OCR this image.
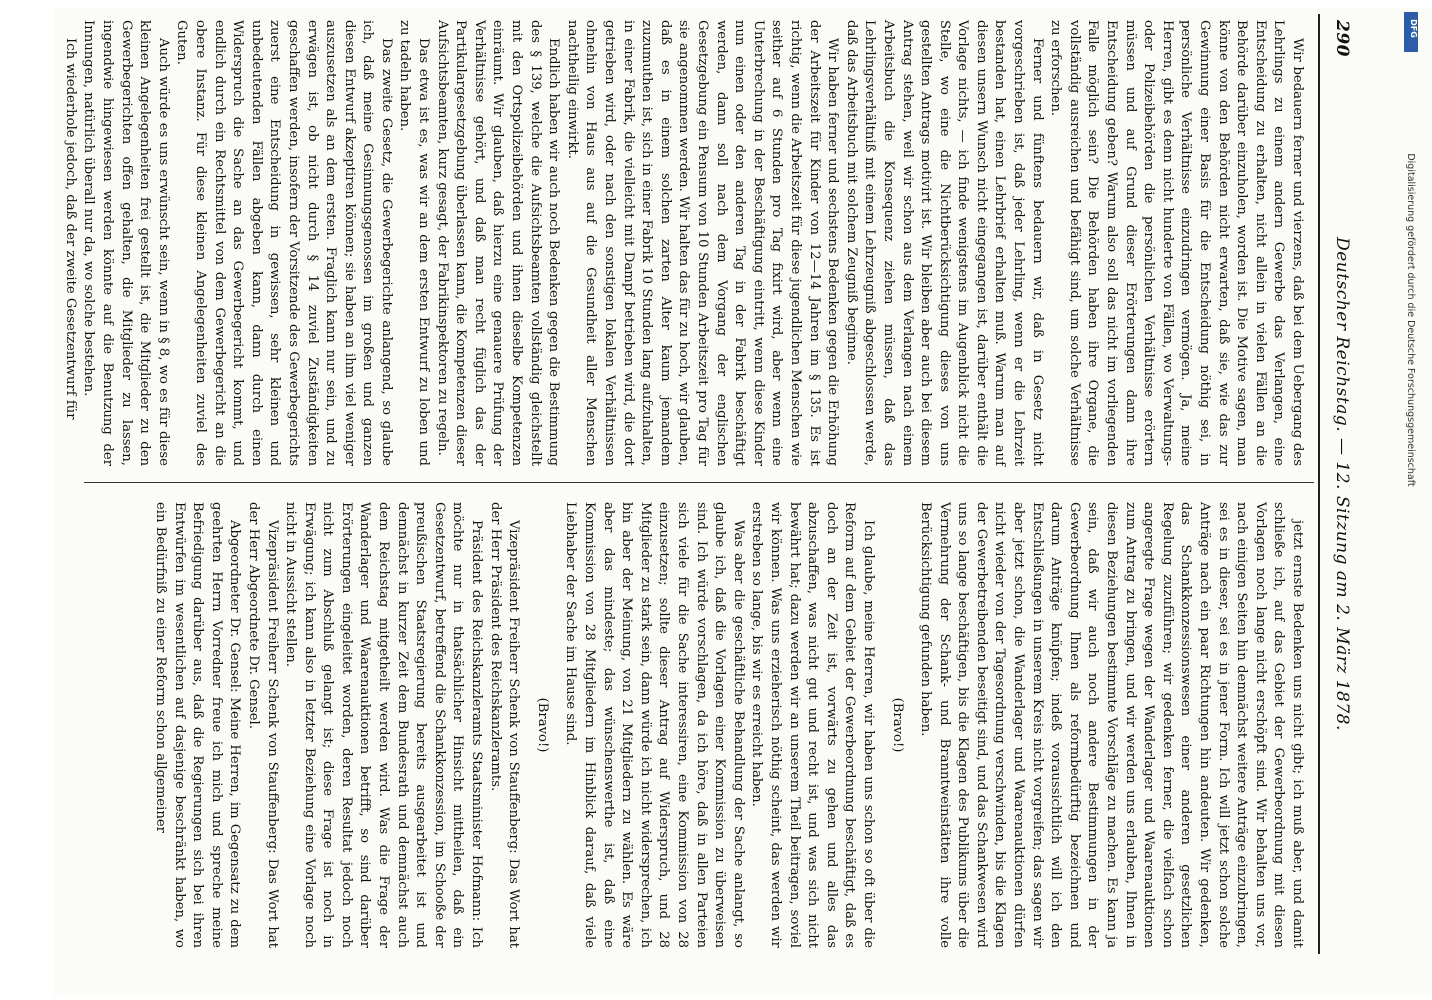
290
Deutscher Reichstag. — 12. Sitzung am 2. März 1878.

Wir bedauern ferner und vierzens, daß bei dem Uebergang des Lehrlings zu einem andern Gewerbe das Verlangen, eine Entscheidung zu erhalten, nicht allein in vielen Fällen an die Behörde darüber einzuholen, worden ist. Die Motive sagen, man könne von den Behörden nicht erwarten, daß sie, wie das zur Gewinnung einer Basis für die Entscheidung nöthig sei, in persönliche Verhältnisse einzudringen vermögen. Ja, meine Herren, gibt es denn nicht hunderte von Fällen, wo Verwaltungs- oder Polizeibehörden die persönlichen Verhältnisse erörtern müssen und auf Grund dieser Erörterungen dann ihre Entscheidung geben? Warum also soll das nicht im vorliegenden Falle möglich sein? Die Behörden haben ihre Organe, die vollständig ausreichen und befähigt sind, um solche Verhältnisse zu erforschen.

Ferner und fünftens bedauern wir, daß in Gesetz nicht vorgeschrieben ist, daß jeder Lehrling, wenn er die Lehrzeit bestanden hat, einen Lehrbrief erhalten muß. Warum man auf diesen unsern Wunsch nicht eingegangen ist, darüber enthält die Vorlage nichts, — ich finde wenigstens im Augenblick nicht die Stelle, wo eine die Nichtberücksichtigung dieses von uns gestellten Antrags motivirt ist. Wir bleiben aber auch bei diesem Antrag stehen, weil wir schon aus dem Verlangen nach einem Arbeitsbuch die Konsequenz ziehen müssen, daß das Lehrlingsverhältniß mit einem Lehrzeugniß abgeschlossen werde, daß das Arbeitsbuch mit solchem Zeugniß beginne.

Wir haben ferner und sechstens Bedenken gegen die Erhöhung der Arbeitszeit für Kinder von 12—14 Jahren im § 135. Es ist richtig, wenn die Arbeitszeit für diese jugendlichen Menschen wie seither auf 6 Stunden pro Tag fixirt wird, aber wenn eine Unterbrechung in der Beschäftigung eintritt, wenn diese Kinder nun einen oder den anderen Tag in der Fabrik beschäftigt werden, dann soll nach dem Vorgang der englischen Gesetzgebung ein Pensum von 10 Stunden Arbeitszeit pro Tag für sie angenommen werden. Wir halten das für zu hoch, wir glauben, daß es in einem solchen zarten Alter kaum jemandem zuzumuthen ist, sich in einer Fabrik 10 Stunden lang aufzuhalten, in einer Fabrik, die vielleicht mit Dampf betrieben wird, die dort getrieben wird, oder nach den sonstigen lokalen Verhältnissen ohnehin von Haus aus auf die Gesundheit aller Menschen nachtheilig einwirkt.

Endlich haben wir auch noch Bedenken gegen die Bestimmung des § 139, welche die Aufsichtsbeamten vollständig gleichstellt mit den Ortspolizeibehörden und ihnen dieselbe Kompetenzen einräumt. Wir glauben, daß hierzu eine genauere Prüfung der Verhältnisse gehört, und daß man recht füglich das der Partikulargesetzgebung überlassen kann, die Kompetenzen dieser Aufsichtsbeamten, kurz gesagt, der Fabrikinspektoren zu regeln.

Das etwa ist es, was wir an dem ersten Entwurf zu loben und zu tadeln haben.

Das zweite Gesetz, die Gewerbegerichte anlangend, so glaube ich, daß meine Gesinnungsgenossen im großen und ganzen diesen Entwurf akzeptiren können; sie haben an ihm viel weniger auszusetzen als an dem ersten. Fraglich kann nur sein, und zu erwägen ist, ob nicht durch § 14 zuviel Zuständigkeiten geschaffen werden, insofern der Vorsitzende des Gewerbegerichts zuerst eine Entscheidung in gewissen, sehr kleinen und unbedeutenden Fällen abgeben kann, dann durch einen Widerspruch die Sache an das Gewerbegericht kommt, und endlich durch ein Rechtsmittel von dem Gewerbegericht an die obere Instanz. Für diese kleinen Angelegenheiten zuviel des Guten.

Auch würde es uns erwünscht sein, wenn in § 8, wo es für diese kleinen Angelegenheiten frei gestellt ist, die Mitglieder zu den Gewerbegerichten offen gehalten, die Mitglieder zu lassen, ingendwie hingewiesen werden könnte auf die Benutzung der Innungen, natürlich überall nur da, wo solche bestehen.

Ich wiederhole jedoch, daß der zweite Gesetzentwurf für

jetzt ernste Bedenken uns nicht gibt; ich muß aber, und damit schließe ich, auf das Gebiet der Gewerbeordnung mit diesen Vorlagen noch lange nicht erschöpft sind. Wir behalten uns vor, nach einigen Seiten hin demnächst weitere Anträge einzubringen, sei es in dieser, sei es in jener Form. Ich will jetzt schon solche Anträge nach ein paar Richtungen hin andeuten. Wir gedenken, das Schankkonzessionswesen einer anderen gesetzlichen Regelung zuzuführen; wir gedenken ferner, die vielfach schon angeregte Frage wegen der Wanderlager und Waarenauktionen zum Antrag zu bringen, und wir werden uns erlauben, Ihnen in diesen Beziehungen bestimmte Vorschläge zu machen. Es kann ja sein, daß wir auch noch andere Bestimmungen in der Gewerbeordnung Ihnen als reformbedürftig bezeichnen und darum Anträge knüpfen; indeß voraussichtlich will ich den Entschließungen in unserem Kreis nicht vorgreifen; das sagen wir aber jetzt schon, die Wanderlager und Waarenauktionen dürfen nicht wieder von der Tagesordnung verschwinden, bis die Klagen der Gewerbetreibenden beseitigt sind, und das Schankwesen wird uns so lange beschäftigen, bis die Klagen des Publikums über die Vermehrung der Schank- und Branntweinstätten ihre volle Berücksichtigung gefunden haben.

(Bravo!)

Ich glaube, meine Herren, wir haben uns schon so oft über die Reform auf dem Gebiet der Gewerbeordnung beschäftigt, daß es doch an der Zeit ist, vorwärts zu gehen und alles das abzuschaffen, was nicht gut und recht ist, und was sich nicht bewährt hat; dazu werden wir an unserem Theil beitragen, soviel wir können. Was uns erzieherisch nöthig scheint, das werden wir erstreben so lange, bis wir es erreicht haben.

Was aber die geschäftliche Behandlung der Sache anlangt, so glaube ich, daß die Vorlagen einer Kommission zu überweisen sind. Ich würde vorschlagen, da ich höre, daß in allen Parteien sich viele für die Sache interessiren, eine Kommission von 28 einzusetzen; sollte dieser Antrag auf Widerspruch, und 28 Mitglieder zu stark sein, dann würde ich nicht widersprechen, ich bin aber der Meinung, von 21 Mitgliedern zu wählen. Es wäre aber das mindeste; das wünschenswerthe ist, daß eine Kommission von 28 Mitgliedern im Hinblick darauf, daß viele Liebhaber der Sache im Hause sind.

(Bravo!)

Vizepräsident Freiherr Schenk von Stauffenberg: Das Wort hat der Herr Präsident des Reichskanzleramts.

Präsident des Reichskanzleramts Staatsminister Hofmann: Ich möchte nur in thatsächlicher Hinsicht mittheilen, daß ein Gesetzentwurf, betreffend die Schankkonzession, im Schooße der preußischen Staatsregierung bereits ausgearbeitet ist und demnächst in kurzer Zeit dem Bundesrath und demnächst auch dem Reichstag mitgetheilt werden wird. Was die Frage der Wanderlager und Waarenauktionen betrifft, so sind darüber Erörterungen eingeleitet worden, deren Resultat jedoch noch nicht zum Abschluß gelangt ist; diese Frage ist noch in Erwägung; ich kann also in letzter Beziehung eine Vorlage noch nicht in Aussicht stellen.

Vizepräsident Freiherr Schenk von Stauffenberg: Das Wort hat der Herr Abgeordnete Dr. Gensel.

Abgeordneter Dr. Gensel: Meine Herren, im Gegensatz zu dem geehrten Herrn Vorredner freue ich mich und spreche meine Befriedigung darüber aus, daß die Regierungen sich bei ihren Entwürfen im wesentlichen auf dasjenige beschränkt haben, wo ein Bedürfniß zu einer Reform schon allgemeiner

DFG
Digitalisierung gefördert durch die Deutsche Forschungsgemeinschaft
